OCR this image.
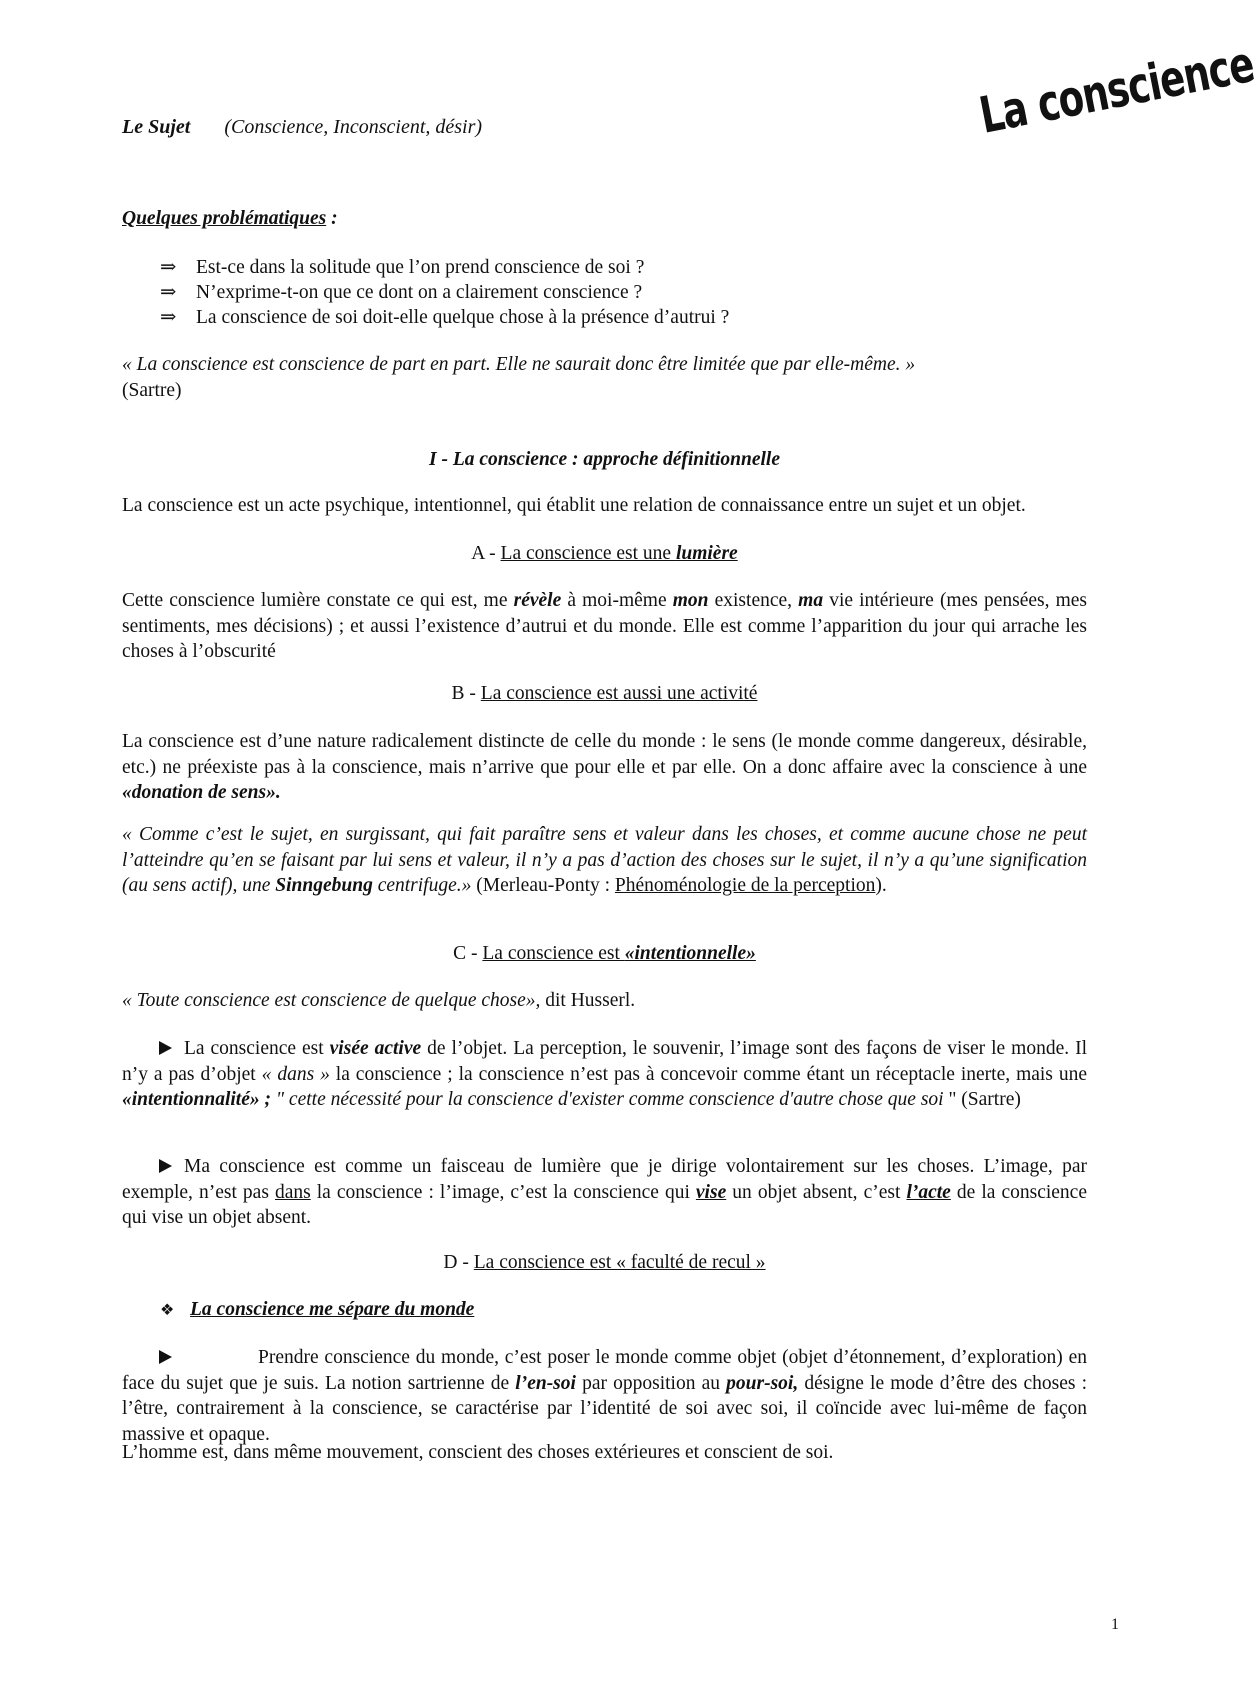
Le Sujet (Conscience, Inconscient, désir)	La conscience
Quelques problématiques :
⇒ Est-ce dans la solitude que l’on prend conscience de soi ?
⇒ N’exprime-t-on que ce dont on a clairement conscience ?
⇒ La conscience de soi doit-elle quelque chose à la présence d’autrui ?
« La conscience est conscience de part en part. Elle ne saurait donc être limitée que par elle-même. »
(Sartre)
I - La conscience : approche définitionnelle
La conscience est un acte psychique, intentionnel, qui établit une relation de connaissance entre un sujet et un objet.
A - La conscience est une lumière
Cette conscience lumière constate ce qui est, me révèle à moi-même mon existence, ma vie intérieure (mes pensées, mes sentiments, mes décisions) ; et aussi l’existence d’autrui et du monde. Elle est comme l’apparition du jour qui arrache les choses à l’obscurité
B - La conscience est aussi une activité
La conscience est d’une nature radicalement distincte de celle du monde : le sens (le monde comme dangereux, désirable, etc.) ne préexiste pas à la conscience, mais n’arrive que pour elle et par elle. On a donc affaire avec la conscience à une «donation de sens».
« Comme c’est le sujet, en surgissant, qui fait paraître sens et valeur dans les choses, et comme aucune chose ne peut l’atteindre qu’en se faisant par lui sens et valeur, il n’y a pas d’action des choses sur le sujet, il n’y a qu’une signification (au sens actif), une Sinngebung centrifuge.» (Merleau-Ponty : Phénoménologie de la perception).
C - La conscience est «intentionnelle»
« Toute conscience est conscience de quelque chose», dit Husserl.
La conscience est visée active de l’objet. La perception, le souvenir, l’image sont des façons de viser le monde. Il n’y a pas d’objet « dans » la conscience ; la conscience n’est pas à concevoir comme étant un réceptacle inerte, mais une «intentionnalité» ; " cette nécessité pour la conscience d'exister comme conscience d'autre chose que soi " (Sartre)
Ma conscience est comme un faisceau de lumière que je dirige volontairement sur les choses. L’image, par exemple, n’est pas dans la conscience : l’image, c’est la conscience qui vise un objet absent, c’est l’acte de la conscience qui vise un objet absent.
D - La conscience est « faculté de recul »
❖ La conscience me sépare du monde
Prendre conscience du monde, c’est poser le monde comme objet (objet d’étonnement, d’exploration) en face du sujet que je suis. La notion sartrienne de l’en-soi par opposition au pour-soi, désigne le mode d’être des choses : l’être, contrairement à la conscience, se caractérise par l’identité de soi avec soi, il coïncide avec lui-même de façon massive et opaque.
L’homme est, dans même mouvement, conscient des choses extérieures et conscient de soi.
1
